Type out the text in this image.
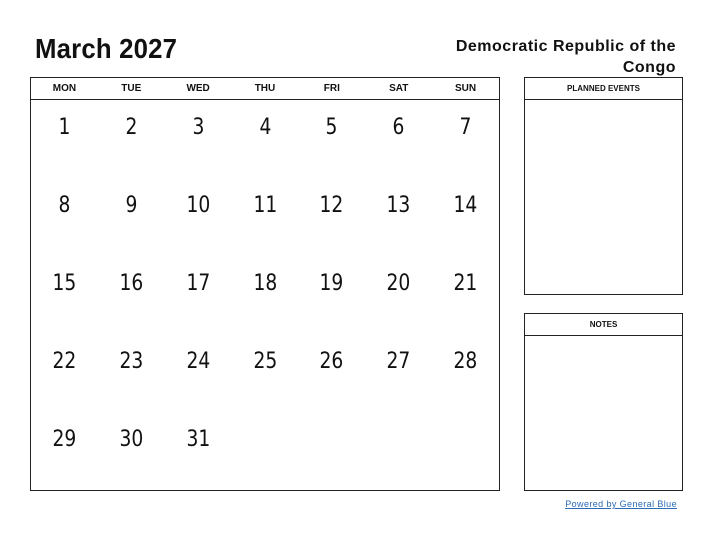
March 2027	Democratic Republic of the Congo
MON	TUE	WED	THU	FRI	SAT	SUN
1	2	3	4	5	6	7
8	9	10	11	12	13	14
15	16	17	18	19	20	21
22	23	24	25	26	27	28
29	30	31
PLANNED EVENTS
NOTES
Powered by General Blue
